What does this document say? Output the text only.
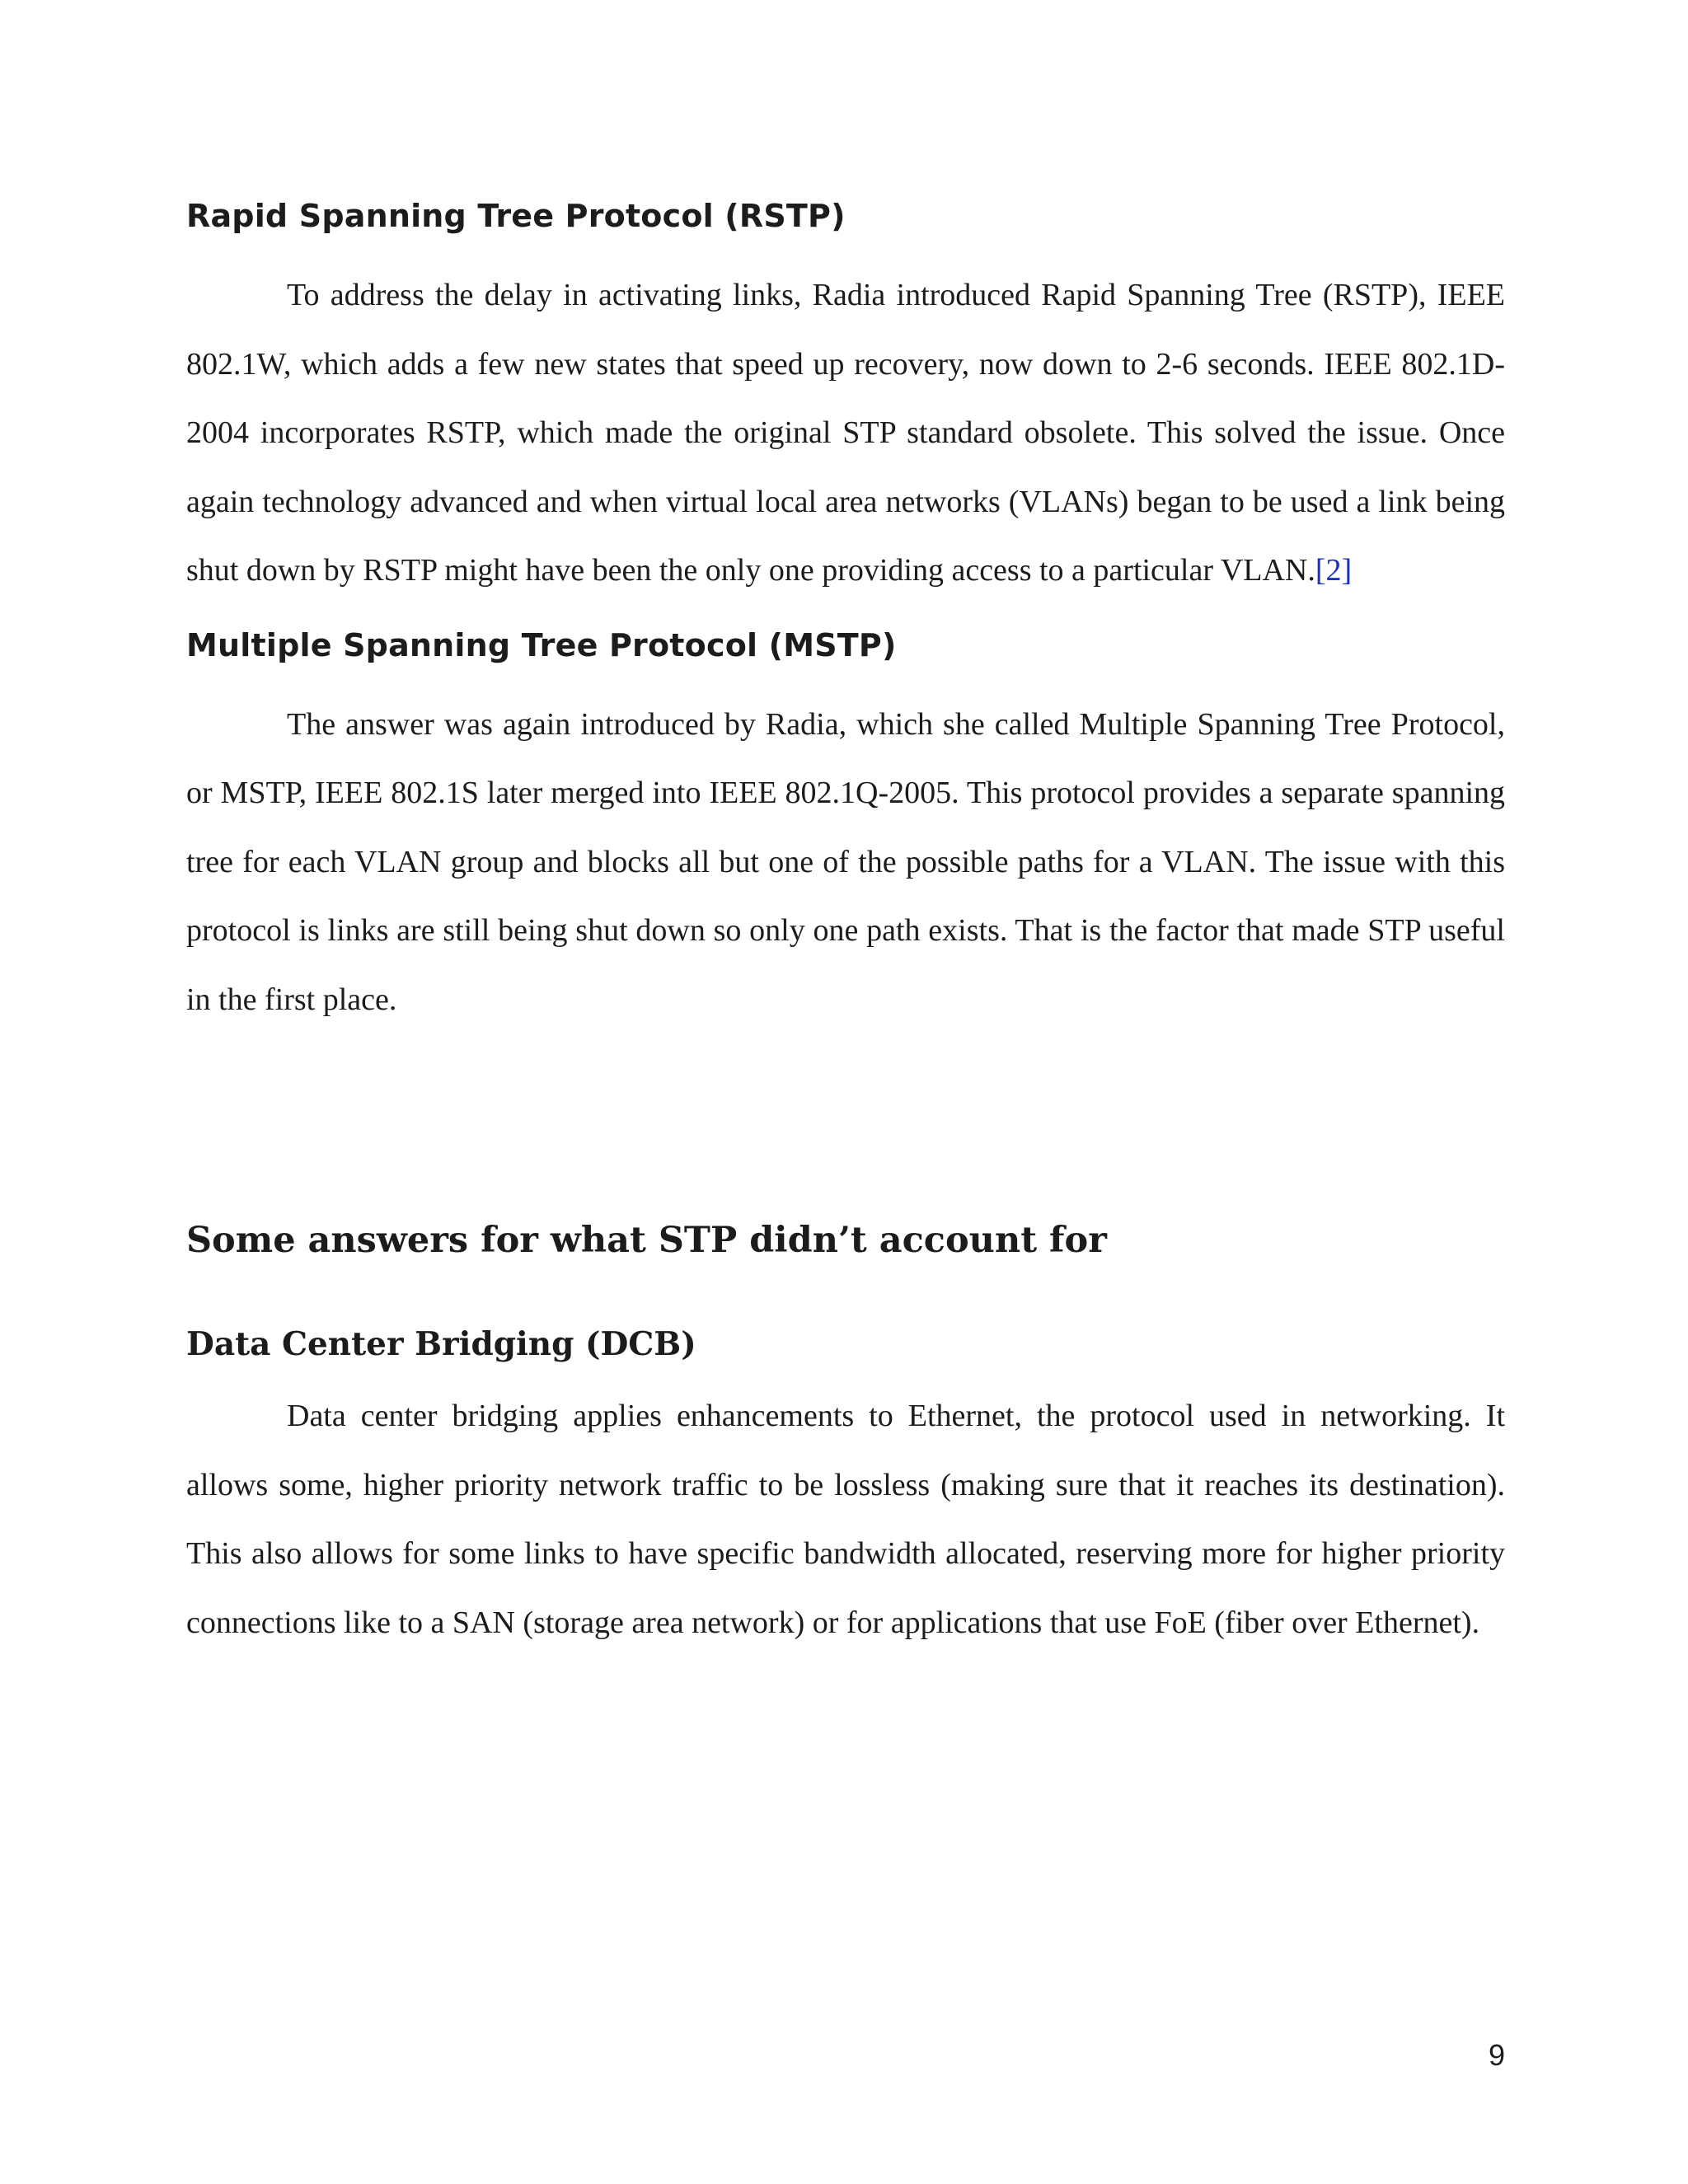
Rapid Spanning Tree Protocol (RSTP)

To address the delay in activating links, Radia introduced Rapid Spanning Tree (RSTP), IEEE 802.1W, which adds a few new states that speed up recovery, now down to 2-6 seconds. IEEE 802.1D-2004 incorporates RSTP, which made the original STP standard obsolete. This solved the issue. Once again technology advanced and when virtual local area networks (VLANs) began to be used a link being shut down by RSTP might have been the only one providing access to a particular VLAN.[2]

Multiple Spanning Tree Protocol (MSTP)

The answer was again introduced by Radia, which she called Multiple Spanning Tree Protocol, or MSTP, IEEE 802.1S later merged into IEEE 802.1Q-2005. This protocol provides a separate spanning tree for each VLAN group and blocks all but one of the possible paths for a VLAN. The issue with this protocol is links are still being shut down so only one path exists. That is the factor that made STP useful in the first place.

Some answers for what STP didn’t account for
Data Center Bridging (DCB)

Data center bridging applies enhancements to Ethernet, the protocol used in networking. It allows some, higher priority network traffic to be lossless (making sure that it reaches its destination). This also allows for some links to have specific bandwidth allocated, reserving more for higher priority connections like to a SAN (storage area network) or for applications that use FoE (fiber over Ethernet).

9
